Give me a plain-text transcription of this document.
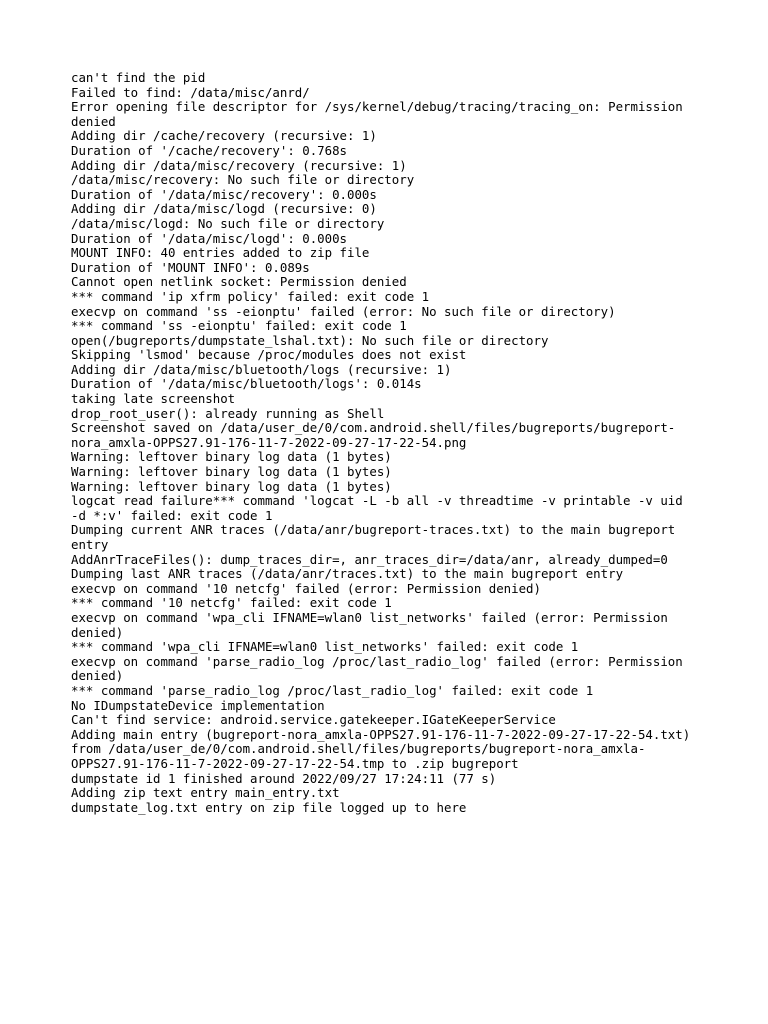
can't find the pid
Failed to find: /data/misc/anrd/
Error opening file descriptor for /sys/kernel/debug/tracing/tracing_on: Permission
denied
Adding dir /cache/recovery (recursive: 1)
Duration of '/cache/recovery': 0.768s
Adding dir /data/misc/recovery (recursive: 1)
/data/misc/recovery: No such file or directory
Duration of '/data/misc/recovery': 0.000s
Adding dir /data/misc/logd (recursive: 0)
/data/misc/logd: No such file or directory
Duration of '/data/misc/logd': 0.000s
MOUNT INFO: 40 entries added to zip file
Duration of 'MOUNT INFO': 0.089s
Cannot open netlink socket: Permission denied
*** command 'ip xfrm policy' failed: exit code 1
execvp on command 'ss -eionptu' failed (error: No such file or directory)
*** command 'ss -eionptu' failed: exit code 1
open(/bugreports/dumpstate_lshal.txt): No such file or directory
Skipping 'lsmod' because /proc/modules does not exist
Adding dir /data/misc/bluetooth/logs (recursive: 1)
Duration of '/data/misc/bluetooth/logs': 0.014s
taking late screenshot
drop_root_user(): already running as Shell
Screenshot saved on /data/user_de/0/com.android.shell/files/bugreports/bugreport-
nora_amxla-OPPS27.91-176-11-7-2022-09-27-17-22-54.png
Warning: leftover binary log data (1 bytes)
Warning: leftover binary log data (1 bytes)
Warning: leftover binary log data (1 bytes)
logcat read failure*** command 'logcat -L -b all -v threadtime -v printable -v uid
-d *:v' failed: exit code 1
Dumping current ANR traces (/data/anr/bugreport-traces.txt) to the main bugreport
entry
AddAnrTraceFiles(): dump_traces_dir=, anr_traces_dir=/data/anr, already_dumped=0
Dumping last ANR traces (/data/anr/traces.txt) to the main bugreport entry
execvp on command '10 netcfg' failed (error: Permission denied)
*** command '10 netcfg' failed: exit code 1
execvp on command 'wpa_cli IFNAME=wlan0 list_networks' failed (error: Permission
denied)
*** command 'wpa_cli IFNAME=wlan0 list_networks' failed: exit code 1
execvp on command 'parse_radio_log /proc/last_radio_log' failed (error: Permission
denied)
*** command 'parse_radio_log /proc/last_radio_log' failed: exit code 1
No IDumpstateDevice implementation
Can't find service: android.service.gatekeeper.IGateKeeperService
Adding main entry (bugreport-nora_amxla-OPPS27.91-176-11-7-2022-09-27-17-22-54.txt)
from /data/user_de/0/com.android.shell/files/bugreports/bugreport-nora_amxla-
OPPS27.91-176-11-7-2022-09-27-17-22-54.tmp to .zip bugreport
dumpstate id 1 finished around 2022/09/27 17:24:11 (77 s)
Adding zip text entry main_entry.txt
dumpstate_log.txt entry on zip file logged up to here
